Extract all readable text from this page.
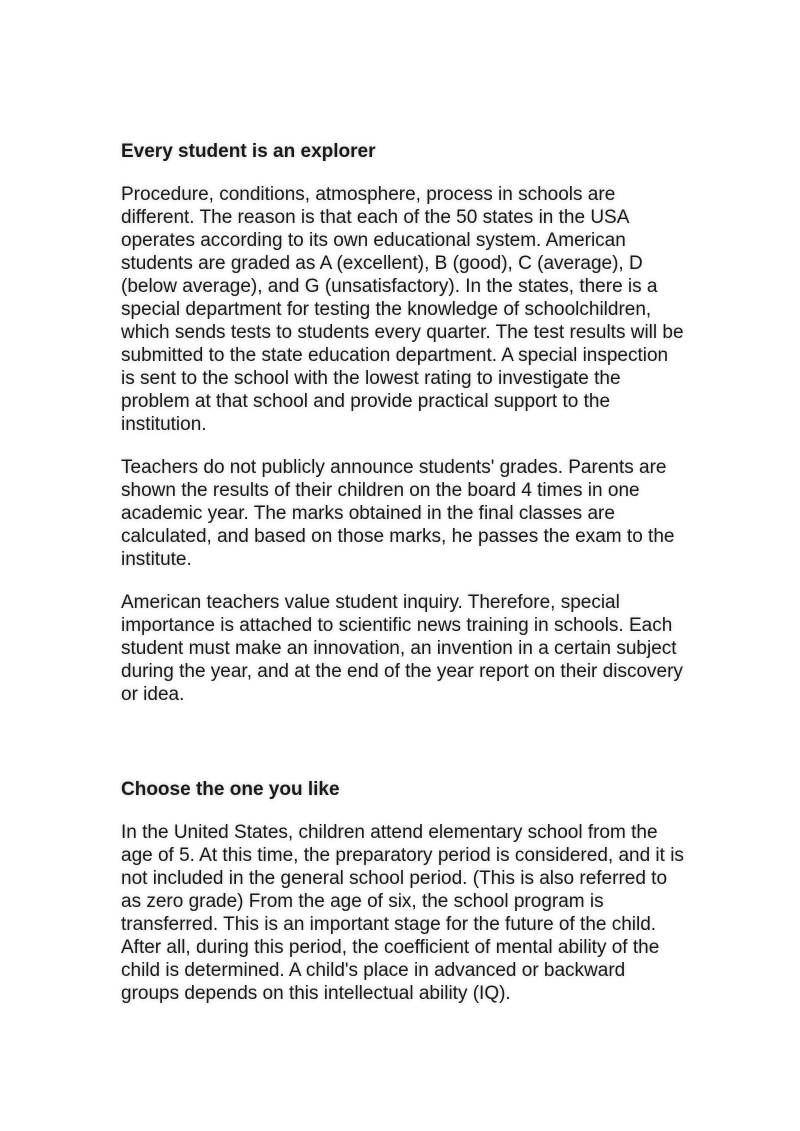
Every student is an explorer
Procedure, conditions, atmosphere, process in schools are different. The reason is that each of the 50 states in the USA operates according to its own educational system. American students are graded as A (excellent), B (good), C (average), D (below average), and G (unsatisfactory). In the states, there is a special department for testing the knowledge of schoolchildren, which sends tests to students every quarter. The test results will be submitted to the state education department. A special inspection is sent to the school with the lowest rating to investigate the problem at that school and provide practical support to the institution.
Teachers do not publicly announce students' grades. Parents are shown the results of their children on the board 4 times in one academic year. The marks obtained in the final classes are calculated, and based on those marks, he passes the exam to the institute.
American teachers value student inquiry. Therefore, special importance is attached to scientific news training in schools. Each student must make an innovation, an invention in a certain subject during the year, and at the end of the year report on their discovery or idea.
Choose the one you like
In the United States, children attend elementary school from the age of 5. At this time, the preparatory period is considered, and it is not included in the general school period. (This is also referred to as zero grade) From the age of six, the school program is transferred. This is an important stage for the future of the child. After all, during this period, the coefficient of mental ability of the child is determined. A child's place in advanced or backward groups depends on this intellectual ability (IQ).
